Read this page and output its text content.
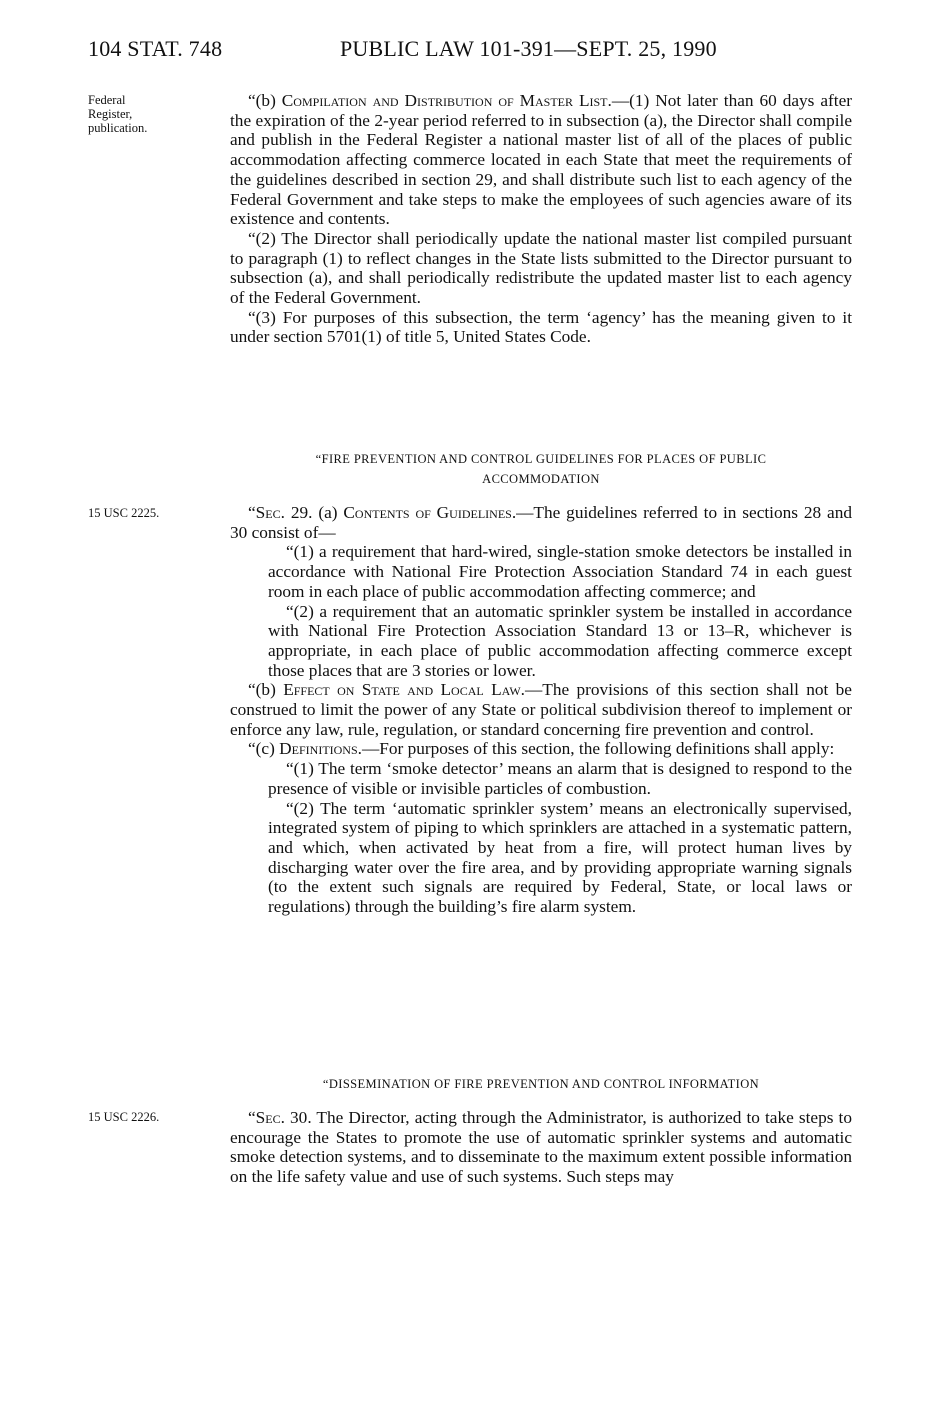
104 STAT. 748	PUBLIC LAW 101-391—SEPT. 25, 1990
Federal Register, publication.
15 USC 2225.
15 USC 2226.

“(b) Compilation and Distribution of Master List.—(1) Not later than 60 days after the expiration of the 2-year period referred to in subsection (a), the Director shall compile and publish in the Federal Register a national master list of all of the places of public accommodation affecting commerce located in each State that meet the requirements of the guidelines described in section 29, and shall distribute such list to each agency of the Federal Government and take steps to make the employees of such agencies aware of its existence and contents.

“(2) The Director shall periodically update the national master list compiled pursuant to paragraph (1) to reflect changes in the State lists submitted to the Director pursuant to subsection (a), and shall periodically redistribute the updated master list to each agency of the Federal Government.

“(3) For purposes of this subsection, the term ‘agency’ has the meaning given to it under section 5701(1) of title 5, United States Code.

“FIRE PREVENTION AND CONTROL GUIDELINES FOR PLACES OF PUBLIC

ACCOMMODATION

“Sec. 29. (a) Contents of Guidelines.—The guidelines referred to in sections 28 and 30 consist of—

“(1) a requirement that hard-wired, single-station smoke detectors be installed in accordance with National Fire Protection Association Standard 74 in each guest room in each place of public accommodation affecting commerce; and

“(2) a requirement that an automatic sprinkler system be installed in accordance with National Fire Protection Association Standard 13 or 13–R, whichever is appropriate, in each place of public accommodation affecting commerce except those places that are 3 stories or lower.

“(b) Effect on State and Local Law.—The provisions of this section shall not be construed to limit the power of any State or political subdivision thereof to implement or enforce any law, rule, regulation, or standard concerning fire prevention and control.

“(c) Definitions.—For purposes of this section, the following definitions shall apply:

“(1) The term ‘smoke detector’ means an alarm that is designed to respond to the presence of visible or invisible particles of combustion.

“(2) The term ‘automatic sprinkler system’ means an electronically supervised, integrated system of piping to which sprinklers are attached in a systematic pattern, and which, when activated by heat from a fire, will protect human lives by discharging water over the fire area, and by providing appropriate warning signals (to the extent such signals are required by Federal, State, or local laws or regulations) through the building’s fire alarm system.

“DISSEMINATION OF FIRE PREVENTION AND CONTROL INFORMATION

“Sec. 30. The Director, acting through the Administrator, is authorized to take steps to encourage the States to promote the use of automatic sprinkler systems and automatic smoke detection systems, and to disseminate to the maximum extent possible information on the life safety value and use of such systems. Such steps may
